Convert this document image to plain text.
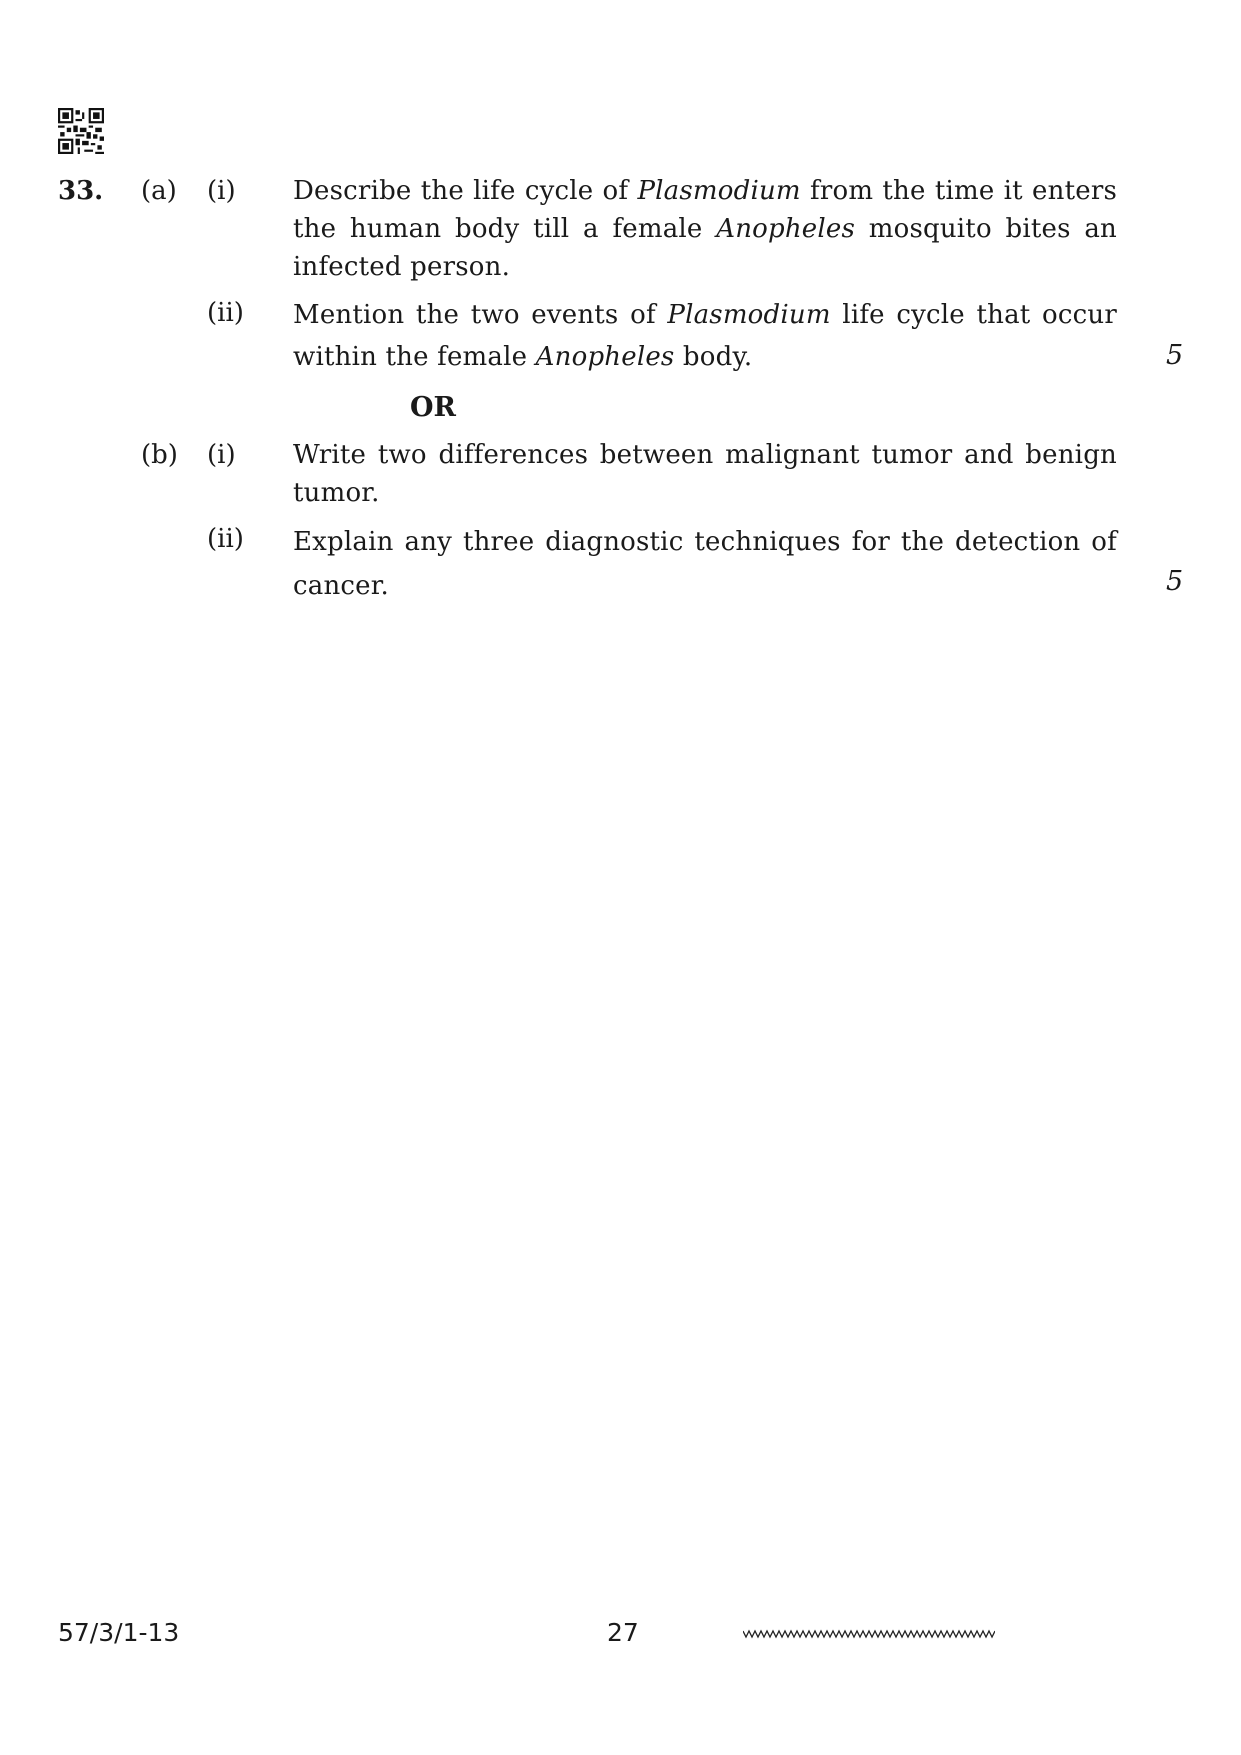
33. (a) (i) Describe the life cycle of Plasmodium from the time it enters the human body till a female Anopheles mosquito bites an infected person.
(ii) Mention the two events of Plasmodium life cycle that occur within the female Anopheles body.	5
OR
(b) (i) Write two differences between malignant tumor and benign tumor.
(ii) Explain any three diagnostic techniques for the detection of cancer.	5
57/3/1-13	27
